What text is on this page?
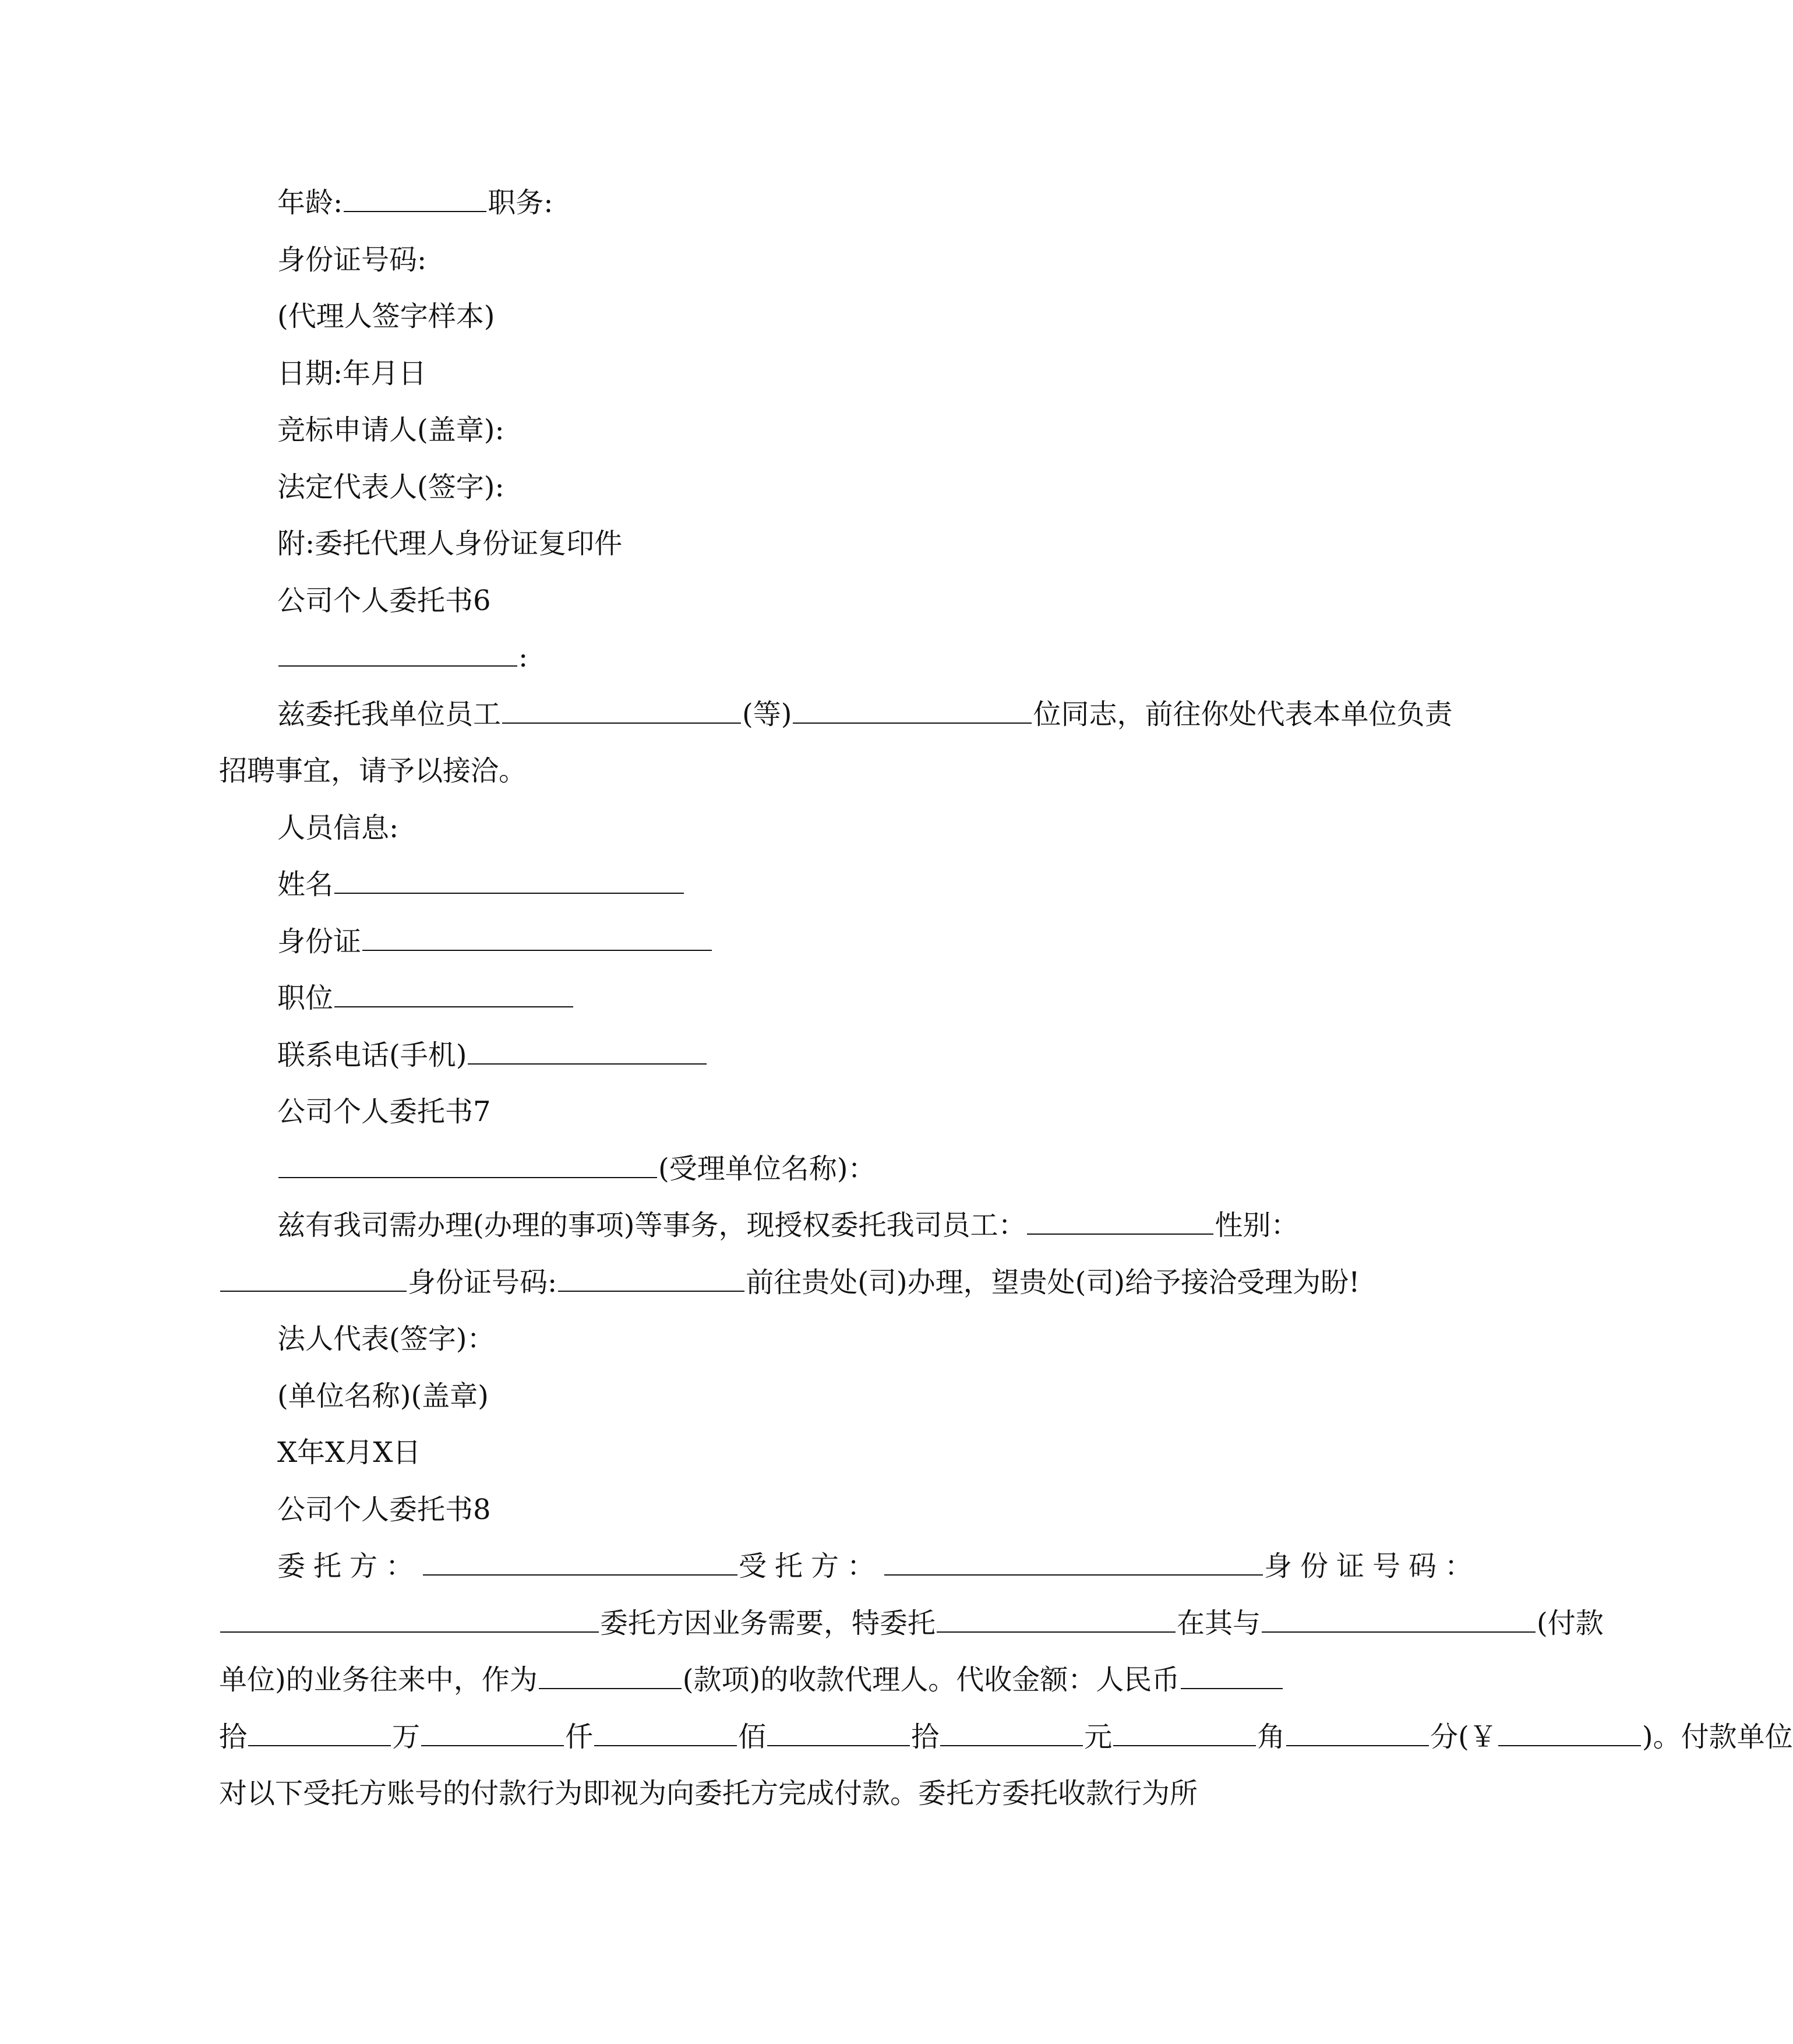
年龄:	职务:
身份证号码:
(代理人签字样本)
日期:年月日
竞标申请人(盖章):
法定代表人(签字):
附:委托代理人身份证复印件
公司个人委托书6
:
兹委托我单位员工	(等)	位同志，前往你处代表本单位负责
招聘事宜，请予以接洽。
人员信息:
姓名
身份证
职位
联系电话(手机)
公司个人委托书7
(受理单位名称)：
兹有我司需办理(办理的事项)等事务，现授权委托我司员工：	性别：
身份证号码:	前往贵处(司)办理，望贵处(司)给予接洽受理为盼!
法人代表(签字)：
(单位名称)(盖章)
X年X月X日
公司个人委托书8
委托方：	受托方：	身份证号码：
委托方因业务需要，特委托	在其与	(付款
单位)的业务往来中，作为	(款项)的收款代理人。代收金额：人民币
拾	万	仟	佰	拾	元	角	分(￥	)。付款单位
对以下受托方账号的付款行为即视为向委托方完成付款。委托方委托收款行为所
